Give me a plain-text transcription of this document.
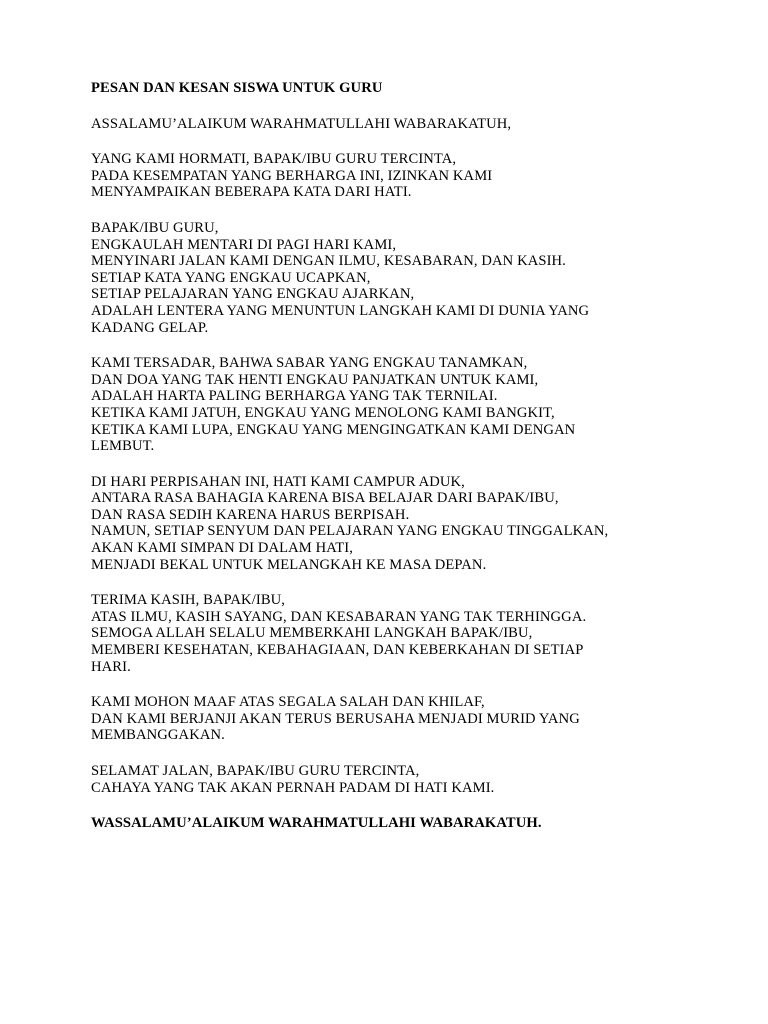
PESAN DAN KESAN SISWA UNTUK GURU
ASSALAMU’ALAIKUM WARAHMATULLAHI WABARAKATUH,
YANG KAMI HORMATI, BAPAK/IBU GURU TERCINTA,
PADA KESEMPATAN YANG BERHARGA INI, IZINKAN KAMI
MENYAMPAIKAN BEBERAPA KATA DARI HATI.
BAPAK/IBU GURU,
ENGKAULAH MENTARI DI PAGI HARI KAMI,
MENYINARI JALAN KAMI DENGAN ILMU, KESABARAN, DAN KASIH.
SETIAP KATA YANG ENGKAU UCAPKAN,
SETIAP PELAJARAN YANG ENGKAU AJARKAN,
ADALAH LENTERA YANG MENUNTUN LANGKAH KAMI DI DUNIA YANG
KADANG GELAP.
KAMI TERSADAR, BAHWA SABAR YANG ENGKAU TANAMKAN,
DAN DOA YANG TAK HENTI ENGKAU PANJATKAN UNTUK KAMI,
ADALAH HARTA PALING BERHARGA YANG TAK TERNILAI.
KETIKA KAMI JATUH, ENGKAU YANG MENOLONG KAMI BANGKIT,
KETIKA KAMI LUPA, ENGKAU YANG MENGINGATKAN KAMI DENGAN
LEMBUT.
DI HARI PERPISAHAN INI, HATI KAMI CAMPUR ADUK,
ANTARA RASA BAHAGIA KARENA BISA BELAJAR DARI BAPAK/IBU,
DAN RASA SEDIH KARENA HARUS BERPISAH.
NAMUN, SETIAP SENYUM DAN PELAJARAN YANG ENGKAU TINGGALKAN,
AKAN KAMI SIMPAN DI DALAM HATI,
MENJADI BEKAL UNTUK MELANGKAH KE MASA DEPAN.
TERIMA KASIH, BAPAK/IBU,
ATAS ILMU, KASIH SAYANG, DAN KESABARAN YANG TAK TERHINGGA.
SEMOGA ALLAH SELALU MEMBERKAHI LANGKAH BAPAK/IBU,
MEMBERI KESEHATAN, KEBAHAGIAAN, DAN KEBERKAHAN DI SETIAP
HARI.
KAMI MOHON MAAF ATAS SEGALA SALAH DAN KHILAF,
DAN KAMI BERJANJI AKAN TERUS BERUSAHA MENJADI MURID YANG
MEMBANGGAKAN.
SELAMAT JALAN, BAPAK/IBU GURU TERCINTA,
CAHAYA YANG TAK AKAN PERNAH PADAM DI HATI KAMI.
WASSALAMU’ALAIKUM WARAHMATULLAHI WABARAKATUH.
